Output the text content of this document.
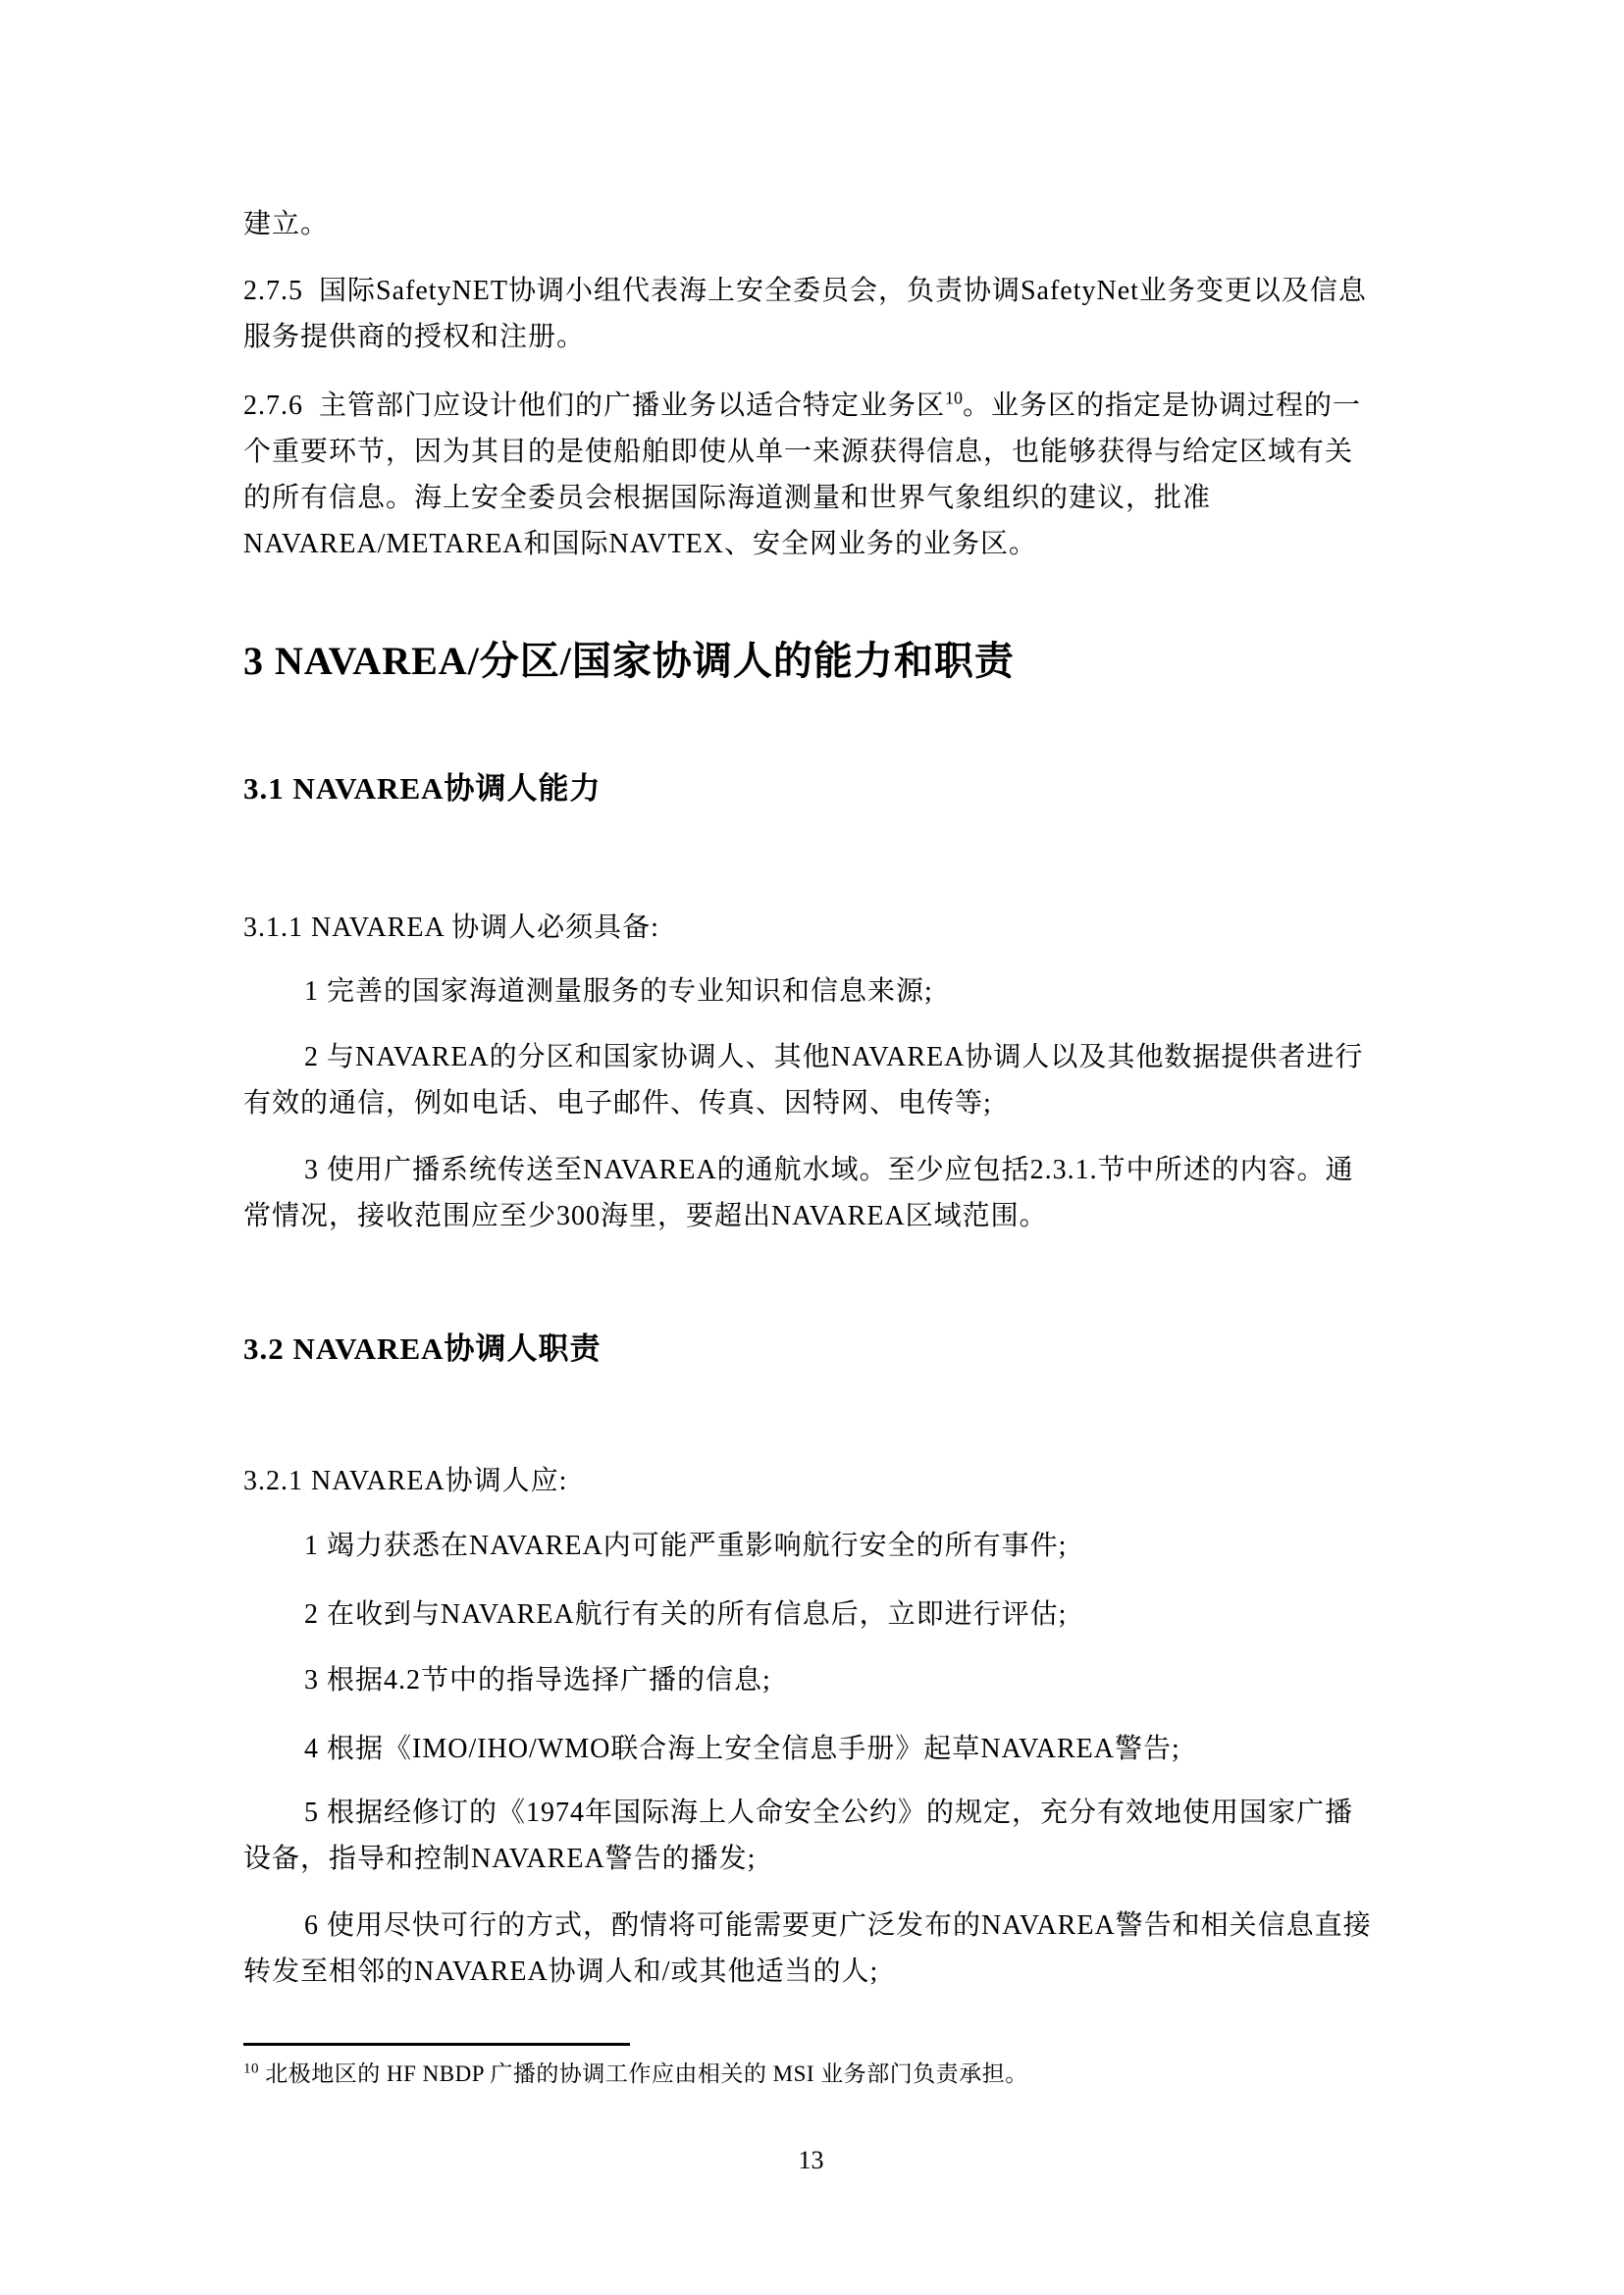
建立。

2.7.5  国际SafetyNET协调小组代表海上安全委员会，负责协调SafetyNet业务变更以及信息服务提供商的授权和注册。

2.7.6  主管部门应设计他们的广播业务以适合特定业务区$^{10}$。业务区的指定是协调过程的一个重要环节，因为其目的是使船舶即使从单一来源获得信息，也能够获得与给定区域有关的所有信息。海上安全委员会根据国际海道测量和世界气象组织的建议，批准NAVAREA/METAREA和国际NAVTEX、安全网业务的业务区。

3 NAVAREA/分区/国家协调人的能力和职责
3.1 NAVAREA协调人能力

3.1.1 NAVAREA 协调人必须具备:

1 完善的国家海道测量服务的专业知识和信息来源;

2 与NAVAREA的分区和国家协调人、其他NAVAREA协调人以及其他数据提供者进行有效的通信，例如电话、电子邮件、传真、因特网、电传等;

3 使用广播系统传送至NAVAREA的通航水域。至少应包括2.3.1.节中所述的内容。通常情况，接收范围应至少300海里，要超出NAVAREA区域范围。

3.2 NAVAREA协调人职责

3.2.1 NAVAREA协调人应:

1 竭力获悉在NAVAREA内可能严重影响航行安全的所有事件;

2 在收到与NAVAREA航行有关的所有信息后，立即进行评估;

3 根据4.2节中的指导选择广播的信息;

4 根据《IMO/IHO/WMO联合海上安全信息手册》起草NAVAREA警告;

5 根据经修订的《1974年国际海上人命安全公约》的规定，充分有效地使用国家广播设备，指导和控制NAVAREA警告的播发;

6 使用尽快可行的方式，酌情将可能需要更广泛发布的NAVAREA警告和相关信息直接转发至相邻的NAVAREA协调人和/或其他适当的人;

$^{10}$ 北极地区的 HF NBDP 广播的协调工作应由相关的 MSI 业务部门负责承担。

13
